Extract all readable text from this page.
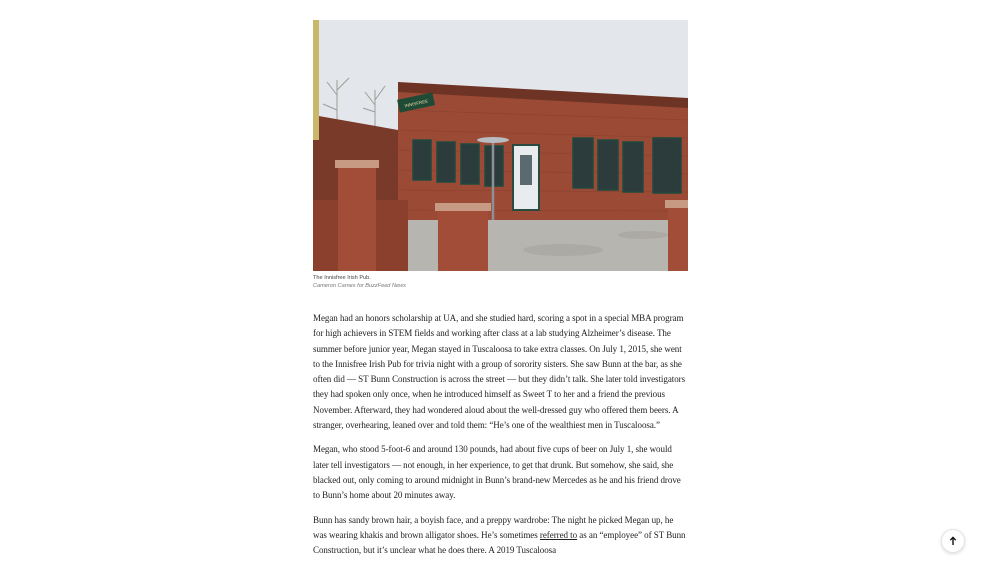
INNISFREE
The Innisfree Irish Pub.
Cameron Carnes for BuzzFeed News

Megan had an honors scholarship at UA, and she studied hard, scoring a spot in a special MBA program for high achievers in STEM fields and working after class at a lab studying Alzheimer’s disease. The summer before junior year, Megan stayed in Tuscaloosa to take extra classes. On July 1, 2015, she went to the Innisfree Irish Pub for trivia night with a group of sorority sisters. She saw Bunn at the bar, as she often did — ST Bunn Construction is across the street — but they didn’t talk. She later told investigators they had spoken only once, when he introduced himself as Sweet T to her and a friend the previous November. Afterward, they had wondered aloud about the well-dressed guy who offered them beers. A stranger, overhearing, leaned over and told them: “He’s one of the wealthiest men in Tuscaloosa.”

Megan, who stood 5-foot-6 and around 130 pounds, had about five cups of beer on July 1, she would later tell investigators — not enough, in her experience, to get that drunk. But somehow, she said, she blacked out, only coming to around midnight in Bunn’s brand-new Mercedes as he and his friend drove to Bunn’s home about 20 minutes away.

Bunn has sandy brown hair, a boyish face, and a preppy wardrobe: The night he picked Megan up, he was wearing khakis and brown alligator shoes. He’s sometimes referred to as an “employee” of ST Bunn Construction, but it’s unclear what he does there. A 2019 Tuscaloosa
